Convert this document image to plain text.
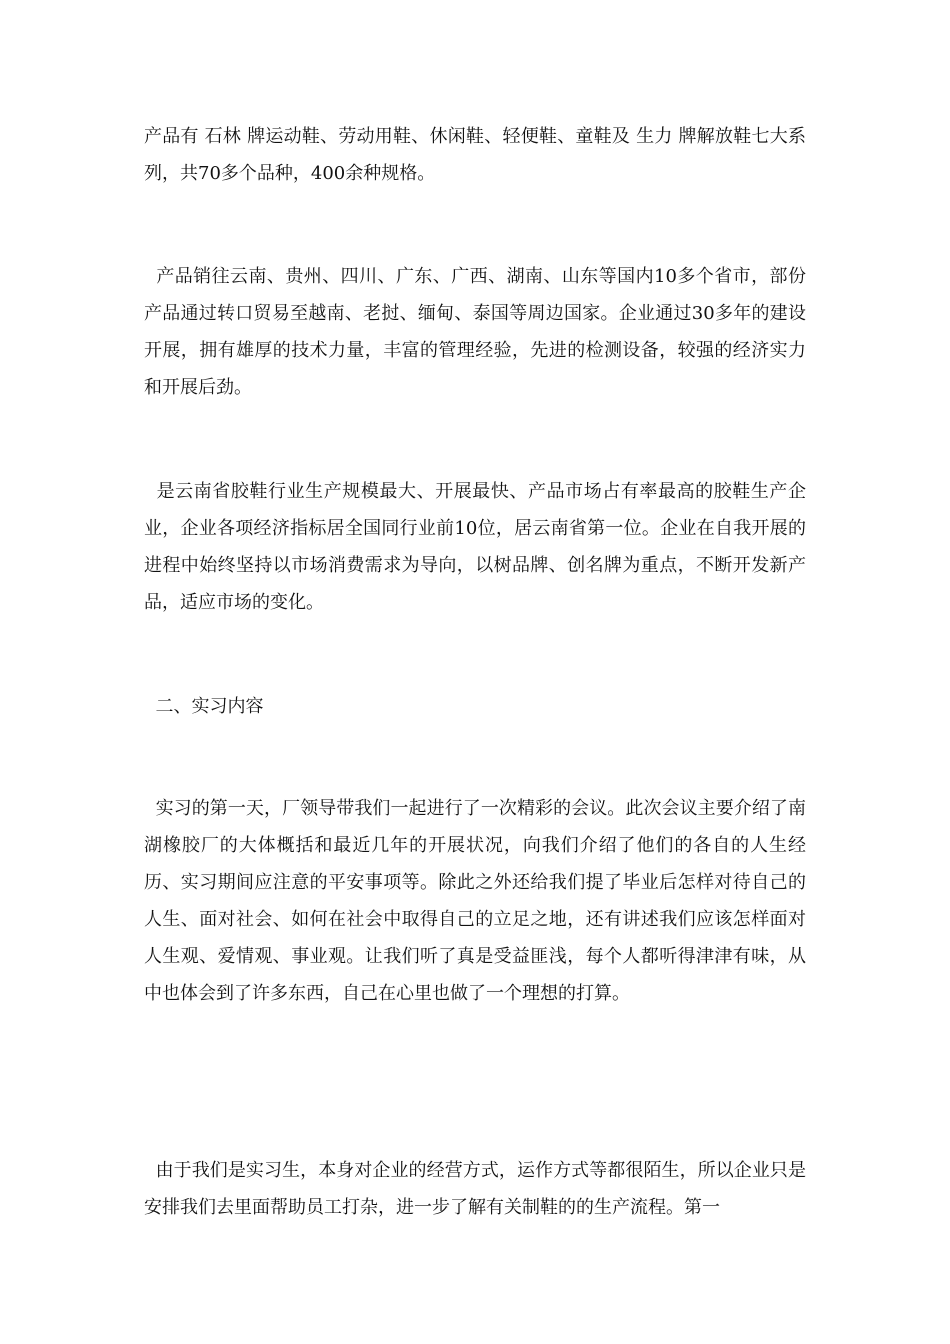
产品有 石林 牌运动鞋、劳动用鞋、休闲鞋、轻便鞋、童鞋及 生力 牌解放鞋七大系列，共70多个品种，400余种规格。

产品销往云南、贵州、四川、广东、广西、湖南、山东等国内10多个省市，部份产品通过转口贸易至越南、老挝、缅甸、泰国等周边国家。企业通过30多年的建设开展，拥有雄厚的技术力量，丰富的管理经验，先进的检测设备，较强的经济实力和开展后劲。

是云南省胶鞋行业生产规模最大、开展最快、产品市场占有率最高的胶鞋生产企业，企业各项经济指标居全国同行业前10位，居云南省第一位。企业在自我开展的进程中始终坚持以市场消费需求为导向，以树品牌、创名牌为重点，不断开发新产品，适应市场的变化。

二、实习内容

实习的第一天，厂领导带我们一起进行了一次精彩的会议。此次会议主要介绍了南湖橡胶厂的大体概括和最近几年的开展状况，向我们介绍了他们的各自的人生经历、实习期间应注意的平安事项等。除此之外还给我们提了毕业后怎样对待自己的人生、面对社会、如何在社会中取得自己的立足之地，还有讲述我们应该怎样面对人生观、爱情观、事业观。让我们听了真是受益匪浅，每个人都听得津津有味，从中也体会到了许多东西，自己在心里也做了一个理想的打算。

由于我们是实习生，本身对企业的经营方式，运作方式等都很陌生，所以企业只是安排我们去里面帮助员工打杂，进一步了解有关制鞋的的生产流程。第一
